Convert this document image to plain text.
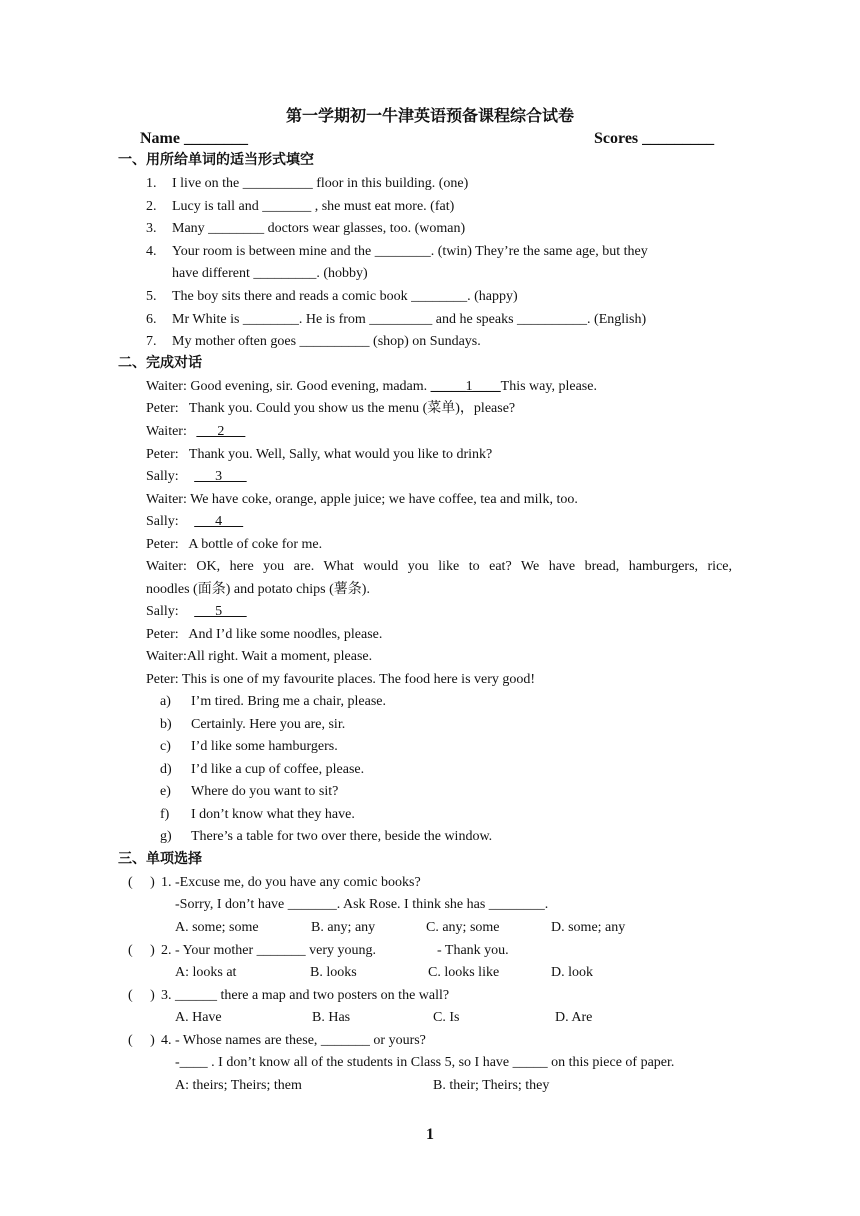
第一学期初一牛津英语预备课程综合试卷
Name ________	Scores _________
一、用所给单词的适当形式填空
1. I live on the __________ floor in this building. (one)
2. Lucy is tall and _______ , she must eat more. (fat)
3. Many ________ doctors wear glasses, too. (woman)
4. Your room is between mine and the ________. (twin) They’re the same age, but they
have different _________. (hobby)
5. The boy sits there and reads a comic book ________. (happy)
6. Mr White is ________. He is from _________ and he speaks __________. (English)
7. My mother often goes __________ (shop) on Sundays.
二、完成对话
Waiter: Good evening, sir. Good evening, madam. _____1____This way, please.
Peter:   Thank you. Could you show us the menu (菜单)，please?
Waiter:       2
Peter:   Thank you. Well, Sally, what would you like to drink?
Sally:       3
Waiter: We have coke, orange, apple juice; we have coffee, tea and milk, too.
Sally:       4
Peter:   A bottle of coke for me.
Waiter: OK, here you are. What would you like to eat? We have bread, hamburgers, rice,
noodles (面条) and potato chips (薯条).
Sally:       5
Peter:   And I’d like some noodles, please.
Waiter:All right. Wait a moment, please.
Peter: This is one of my favourite places. The food here is very good!
a) I’m tired. Bring me a chair, please.
b) Certainly. Here you are, sir.
c) I’d like some hamburgers.
d) I’d like a cup of coffee, please.
e) Where do you want to sit?
f) I don’t know what they have.
g) There’s a table for two over there, beside the window.
三、单项选择
(     ) 1. -Excuse me, do you have any comic books?
-Sorry, I don’t have _______. Ask Rose. I think she has ________.
A. some; some	B. any; any	C. any; some	D. some; any
(     ) 2. - Your mother _______ very young.	- Thank you.
A: looks at	B. looks	C. looks like	D. look
(     ) 3. ______ there a map and two posters on the wall?
A. Have	B. Has	C. Is	D. Are
(     ) 4. - Whose names are these, _______ or yours?
-____ . I don’t know all of the students in Class 5, so I have _____ on this piece of paper.
A: theirs; Theirs; them	B. their; Theirs; they
1
